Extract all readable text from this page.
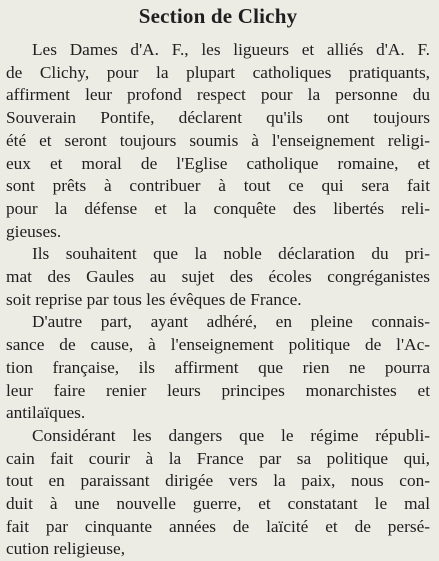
Section de Clichy

Les Dames d'A. F., les ligueurs et alliés d'A. F.
de Clichy, pour la plupart catholiques pratiquants,
affirment leur profond respect pour la personne du
Souverain Pontife, déclarent qu'ils ont toujours
été et seront toujours soumis à l'enseignement religi-
eux et moral de l'Eglise catholique romaine, et
sont prêts à contribuer à tout ce qui sera fait
pour la défense et la conquête des libertés reli-
gieuses.

Ils souhaitent que la noble déclaration du pri-
mat des Gaules au sujet des écoles congréganistes
soit reprise par tous les évêques de France.

D'autre part, ayant adhéré, en pleine connais-
sance de cause, à l'enseignement politique de l'Ac-
tion française, ils affirment que rien ne pourra
leur faire renier leurs principes monarchistes et
antilaïques.

Considérant les dangers que le régime républi-
cain fait courir à la France par sa politique qui,
tout en paraissant dirigée vers la paix, nous con-
duit à une nouvelle guerre, et constatant le mal
fait par cinquante années de laïcité et de persé-
cution religieuse,
